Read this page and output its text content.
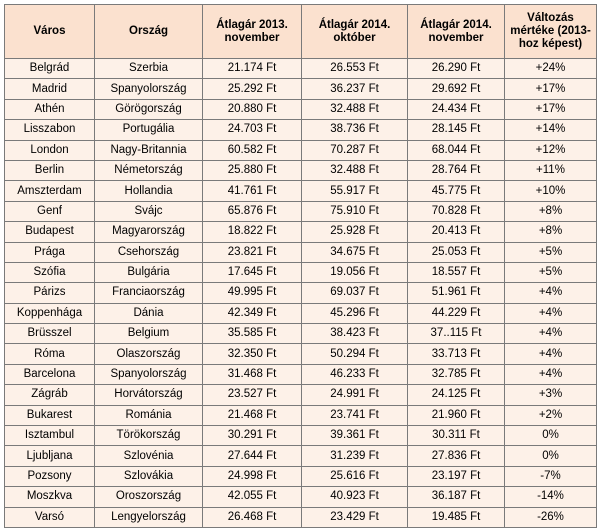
Város	Ország	Átlagár 2013. november	Átlagár 2014. október	Átlagár 2014. november	Változás mértéke (2013-hoz képest)
Belgrád	Szerbia	21.174 Ft	26.553 Ft	26.290 Ft	+24%
Madrid	Spanyolország	25.292 Ft	36.237 Ft	29.692 Ft	+17%
Athén	Görögország	20.880 Ft	32.488 Ft	24.434 Ft	+17%
Lisszabon	Portugália	24.703 Ft	38.736 Ft	28.145 Ft	+14%
London	Nagy-Britannia	60.582 Ft	70.287 Ft	68.044 Ft	+12%
Berlin	Németország	25.880 Ft	32.488 Ft	28.764 Ft	+11%
Amszterdam	Hollandia	41.761 Ft	55.917 Ft	45.775 Ft	+10%
Genf	Svájc	65.876 Ft	75.910 Ft	70.828 Ft	+8%
Budapest	Magyarország	18.822 Ft	25.928 Ft	20.413 Ft	+8%
Prága	Csehország	23.821 Ft	34.675 Ft	25.053 Ft	+5%
Szófia	Bulgária	17.645 Ft	19.056 Ft	18.557 Ft	+5%
Párizs	Franciaország	49.995 Ft	69.037 Ft	51.961 Ft	+4%
Koppenhága	Dánia	42.349 Ft	45.296 Ft	44.229 Ft	+4%
Brüsszel	Belgium	35.585 Ft	38.423 Ft	37..115 Ft	+4%
Róma	Olaszország	32.350 Ft	50.294 Ft	33.713 Ft	+4%
Barcelona	Spanyolország	31.468 Ft	46.233 Ft	32.785 Ft	+4%
Zágráb	Horvátország	23.527 Ft	24.991 Ft	24.125 Ft	+3%
Bukarest	Románia	21.468 Ft	23.741 Ft	21.960 Ft	+2%
Isztambul	Törökország	30.291 Ft	39.361 Ft	30.311 Ft	0%
Ljubljana	Szlovénia	27.644 Ft	31.239 Ft	27.836 Ft	0%
Pozsony	Szlovákia	24.998 Ft	25.616 Ft	23.197 Ft	-7%
Moszkva	Oroszország	42.055 Ft	40.923 Ft	36.187 Ft	-14%
Varsó	Lengyelország	26.468 Ft	23.429 Ft	19.485 Ft	-26%
